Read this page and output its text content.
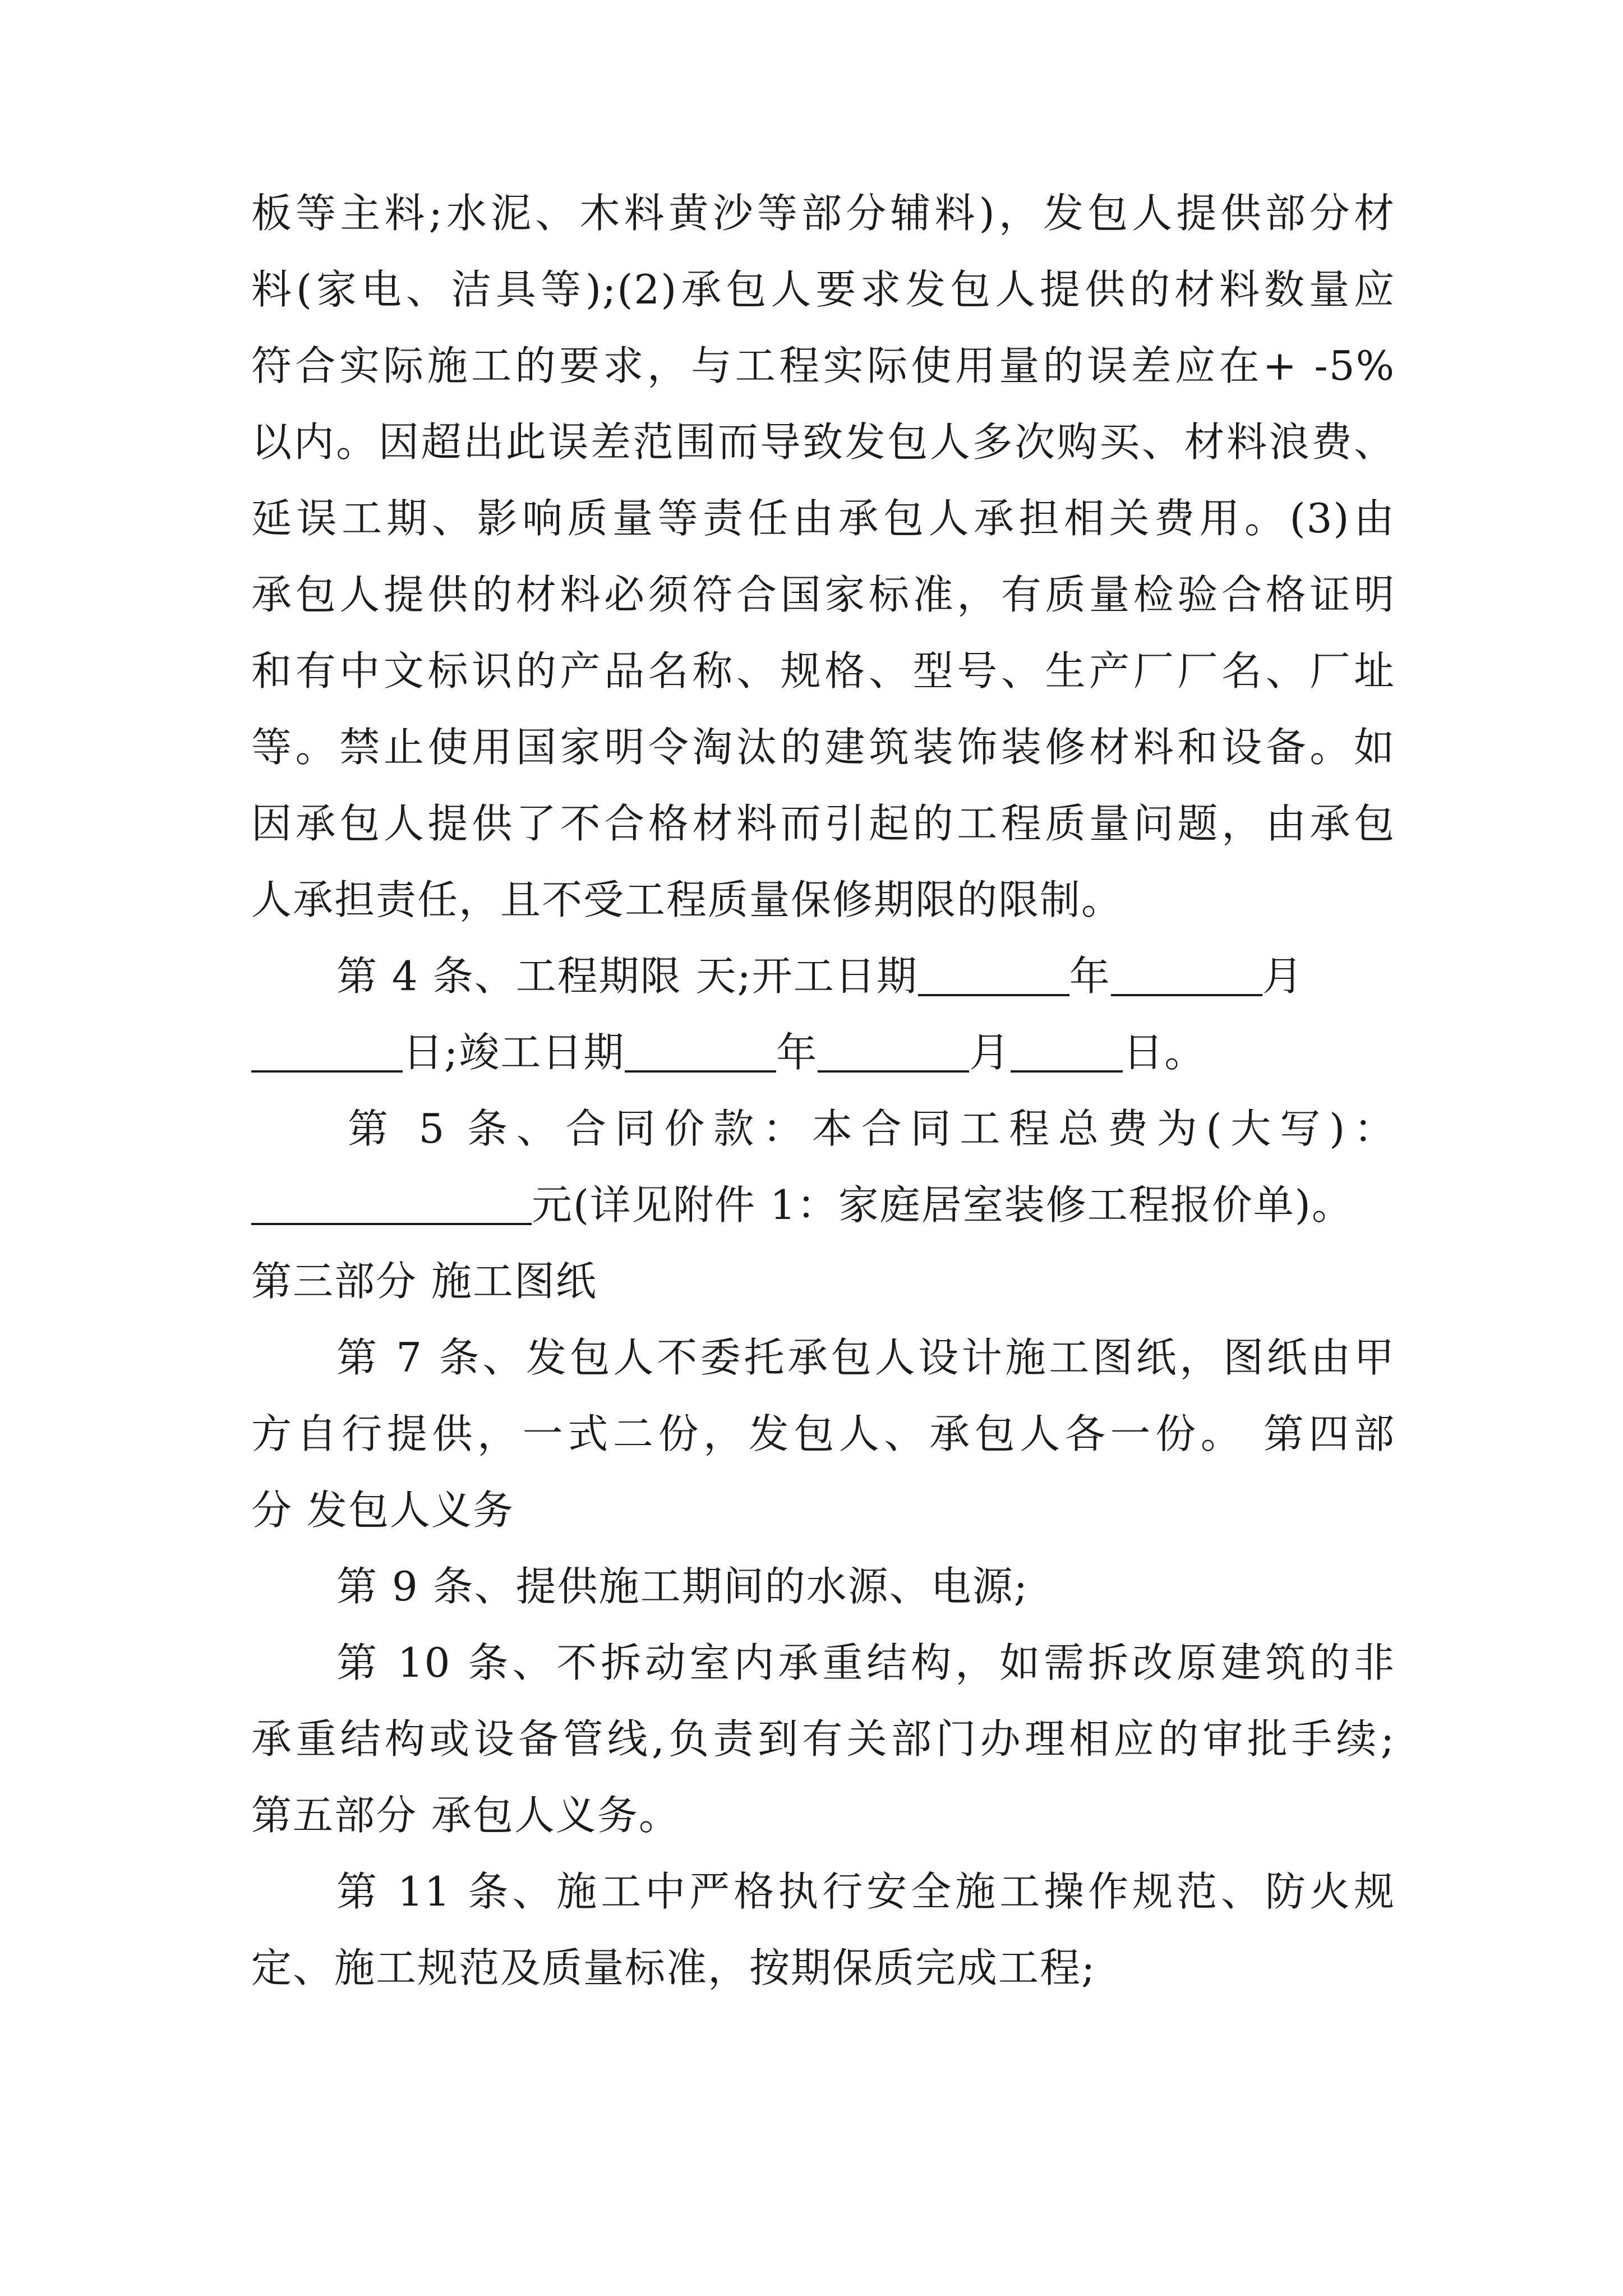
板等主料;水泥、木料黄沙等部分辅料)，发包人提供部分材
料(家电、洁具等);(2)承包人要求发包人提供的材料数量应
符合实际施工的要求，与工程实际使用量的误差应在+ -5%
以内。因超出此误差范围而导致发包人多次购买、材料浪费、
延误工期、影响质量等责任由承包人承担相关费用。(3)由
承包人提供的材料必须符合国家标准，有质量检验合格证明
和有中文标识的产品名称、规格、型号、生产厂厂名、厂址
等。禁止使用国家明令淘汰的建筑装饰装修材料和设备。如
因承包人提供了不合格材料而引起的工程质量问题，由承包
人承担责任，且不受工程质量保修期限的限制。
第 4 条、工程期限 天;开工日期	年	月
日;竣工日期	年	月	日。
第 5 条、合同价款：本合同工程总费为(大写)：
元(详见附件 1：家庭居室装修工程报价单)。
第三部分 施工图纸
第 7 条、发包人不委托承包人设计施工图纸，图纸由甲
方自行提供，一式二份，发包人、承包人各一份。 第四部
分 发包人义务
第 9 条、提供施工期间的水源、电源;
第 10 条、不拆动室内承重结构，如需拆改原建筑的非
承重结构或设备管线,负责到有关部门办理相应的审批手续;
第五部分 承包人义务。
第 11 条、施工中严格执行安全施工操作规范、防火规
定、施工规范及质量标准，按期保质完成工程;
